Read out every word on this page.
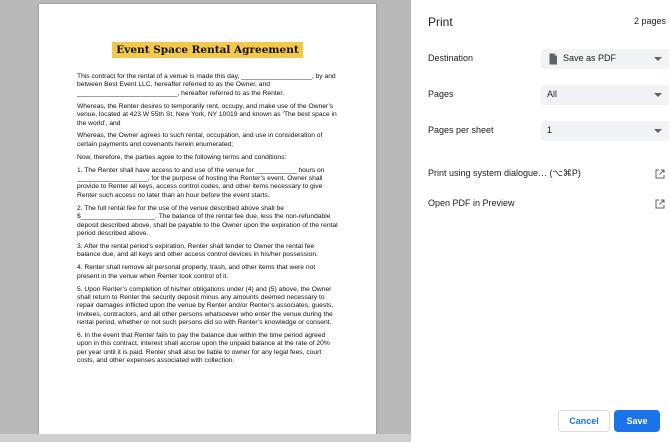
Event Space Rental Agreement

This contract for the rental of a venue is made this day, ___________________, by and between Best Event LLC, hereafter referred to as the Owner, and ___________________________, hereafter referred to as the Renter.

Whereas, the Renter desires to temporarily rent, occupy, and make use of the Owner’s venue, located at 423 W 55th St, New York, NY 10019 and known as ‘The best space in the world’, and

Whereas, the Owner agrees to such rental, occupation, and use in consideration of certain payments and covenants herein enumerated;

Now, therefore, the parties agree to the following terms and conditions:

1. The Renter shall have access to and use of the venue for ___________ hours on ___________________, for the purpose of hosting the Renter’s event. Owner shall provide to Renter all keys, access control codes, and other items necessary to give Renter such access no later than an hour before the event starts.

2. The full rental fee for the use of the venue described above shall be $____________________. The balance of the rental fee due, less the non-refundable deposit described above, shall be payable to the Owner upon the expiration of the rental period described above.

3. After the rental period’s expiration, Renter shall tender to Owner the rental fee balance due, and all keys and other access control devices in his/her possession.

4. Renter shall remove all personal property, trash, and other items that were not present in the venue when Renter took control of it.

5. Upon Renter’s completion of his/her obligations under (4) and (5) above, the Owner shall return to Renter the security deposit minus any amounts deemed necessary to repair damages inflicted upon the venue by Renter and/or Renter’s associates, guests, invitees, contractors, and all other persons whatsoever who enter the venue during the rental period, whether or not such persons did so with Renter’s knowledge or consent.

6. In the event that Renter fails to pay the balance due within the time period agreed upon in this contract, interest shall accrue upon the unpaid balance at the rate of 20% per year until it is paid. Renter shall also be liable to owner for any legal fees, court costs, and other expenses associated with collection.

Print	2 pages
Destination	Save as PDF
Pages	All
Pages per sheet	1
Print using system dialogue… (⌥⌘P)
Open PDF in Preview
Cancel	Save
